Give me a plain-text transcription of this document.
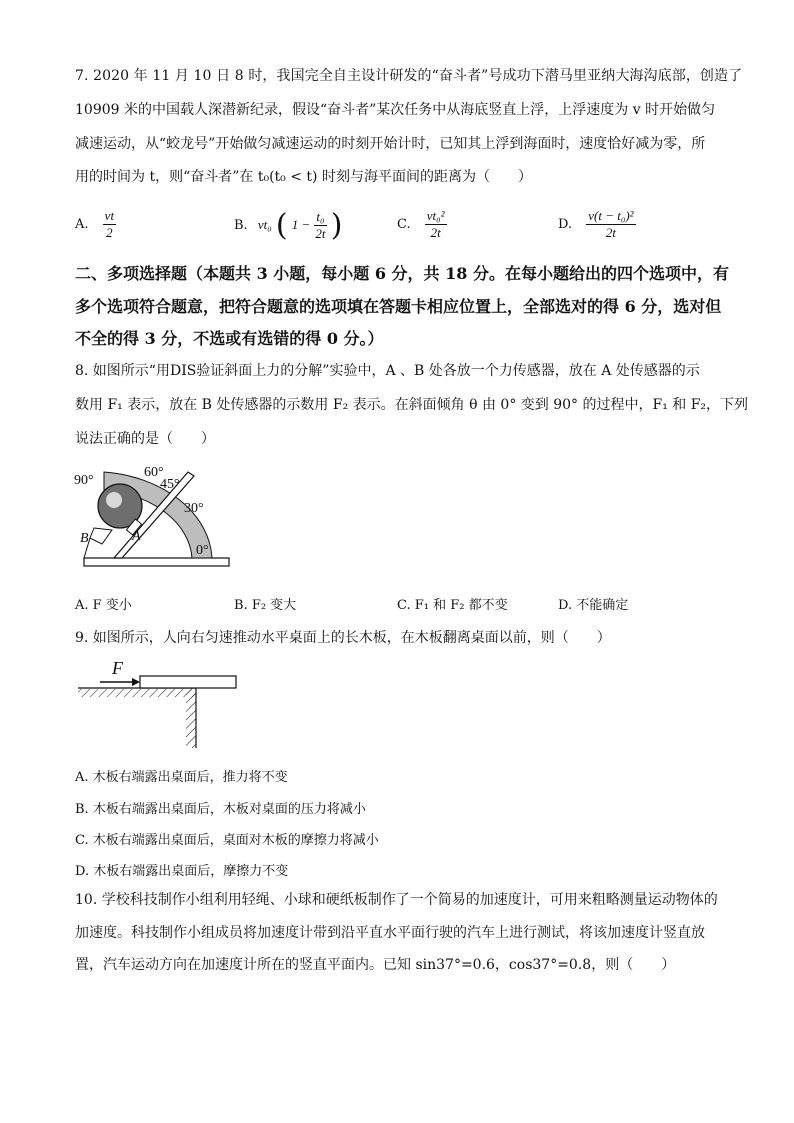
7. 2020 年 11 月 10 日 8 时，我国完全自主设计研发的“奋斗者”号成功下潜马里亚纳大海沟底部，创造了
10909 米的中国载人深潜新纪录，假设“奋斗者”某次任务中从海底竖直上浮，上浮速度为 v 时开始做匀
减速运动，从“蛟龙号”开始做匀减速运动的时刻开始计时，已知其上浮到海面时，速度恰好减为零，所
用的时间为 t，则“奋斗者”在 t₀(t₀ < t) 时刻与海平面间的距离为（　　）
A. $\frac{vt}{2}$	B. vt₀ ( $1 - \frac{\text{t₀}}{2t}$ )	C. $\frac{\text{vt₀²}}{2t}$	D. $\frac{\text{v(t − t₀)²}}{2t}$
二、多项选择题（本题共 3 小题，每小题 6 分，共 18 分。在每小题给出的四个选项中，有
多个选项符合题意，把符合题意的选项填在答题卡相应位置上，全部选对的得 6 分，选对但
不全的得 3 分，不选或有选错的得 0 分。）
8. 如图所示“用DIS验证斜面上力的分解”实验中，A 、B 处各放一个力传感器，放在 A 处传感器的示
数用 F₁ 表示，放在 B 处传感器的示数用 F₂ 表示。在斜面倾角 θ 由 0° 变到 90° 的过程中，F₁ 和 F₂，下列
说法正确的是（　　）
90°
60°
45°
30°
0°
A
B
A. F 变小	B. F₂ 变大	C. F₁ 和 F₂ 都不变	D. 不能确定
9. 如图所示，人向右匀速推动水平桌面上的长木板，在木板翻离桌面以前，则（　　）
F
A. 木板右端露出桌面后，推力将不变
B. 木板右端露出桌面后，木板对桌面的压力将减小
C. 木板右端露出桌面后，桌面对木板的摩擦力将减小
D. 木板右端露出桌面后，摩擦力不变
10. 学校科技制作小组利用轻绳、小球和硬纸板制作了一个简易的加速度计，可用来粗略测量运动物体的
加速度。科技制作小组成员将加速度计带到沿平直水平面行驶的汽车上进行测试，将该加速度计竖直放
置，汽车运动方向在加速度计所在的竖直平面内。已知 sin37°=0.6，cos37°=0.8，则（　　）
